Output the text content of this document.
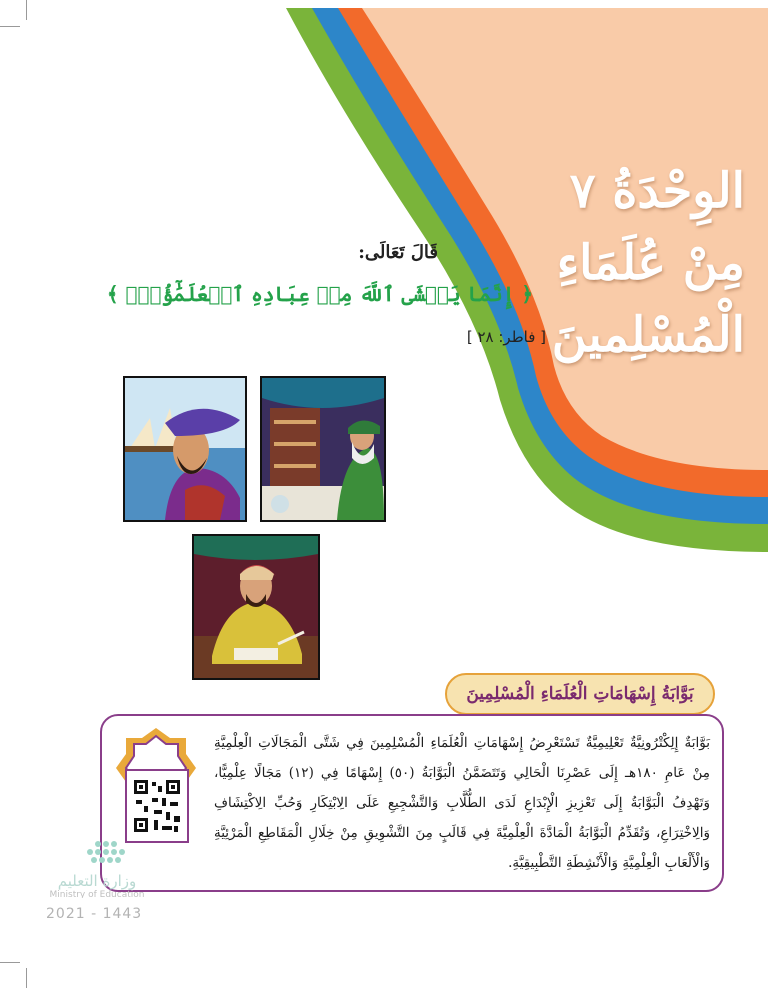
الوِحْدَةُ ٧
مِنْ عُلَمَاءِ
الْمُسْلِمينَ
قَالَ تَعَالَى:
﴿ إِنَّمَا يَخۡشَى ٱللَّهَ مِنۡ عِبَادِهِ ٱلۡعُلَمَٰٓؤُاْۗ ﴾
[ فاطر: ٢٨ ]
بَوَّابَةُ إِسْهَامَاتِ الْعُلَمَاءِ الْمُسْلِمِينَ
بَوَّابَةٌ إِلِكْتْرُونِيَّةٌ تَعْلِيمِيَّةٌ تَسْتَعْرِضُ إِسْهَامَاتِ الْعُلَمَاءِ الْمُسْلِمِينَ فِي شَتَّى الْمَجَالَاتِ الْعِلْمِيَّةِ مِنْ عَامِ ١٨٠هـ إِلَى عَصْرِنَا الْحَالِي وَتَتَضَمَّنُ الْبَوَّابَةُ (٥٠) إِسْهَامًا فِي (١٢) مَجَالًا عِلْمِيًّا، وَتَهْدِفُ الْبَوَّابَةُ إِلَى تَعْزِيزِ الْإِبْدَاعِ لَدَى الطُّلَّابِ وَالتَّشْجِيعِ عَلَى الِابْتِكَارِ وَحُبِّ الِاكْتِشَافِ وَالِاخْتِرَاعِ، وَتُقَدِّمُ الْبَوَّابَةُ الْمَادَّةَ الْعِلْمِيَّةَ فِي قَالَبٍ مِنَ التَّشْوِيقِ مِنْ خِلَالِ الْمَقَاطِعِ الْمَرْئِيَّةِ وَالْأَلْعَابِ الْعِلْمِيَّةِ وَالْأَنْشِطَةِ التَّطْبِيقِيَّةِ.
وزارة التعليم
Ministry of Education
2021 - 1443
